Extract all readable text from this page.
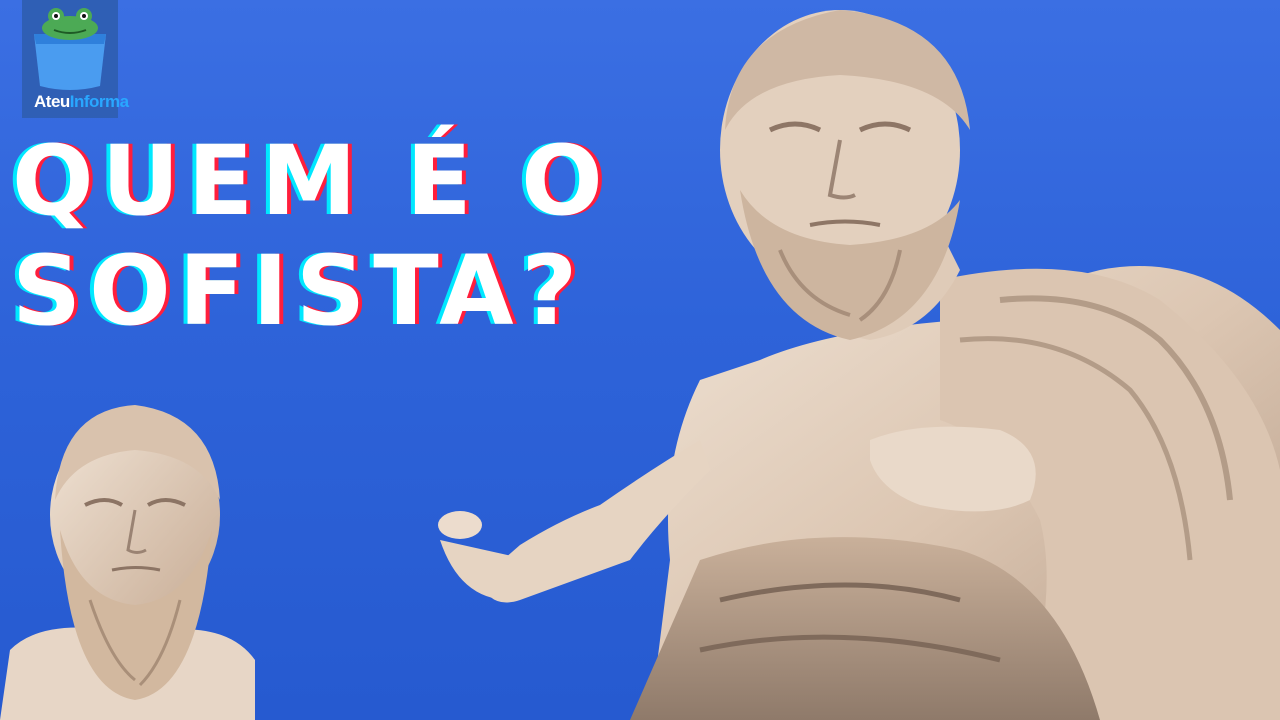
AteuInforma
QUEM É O
SOFISTA?
